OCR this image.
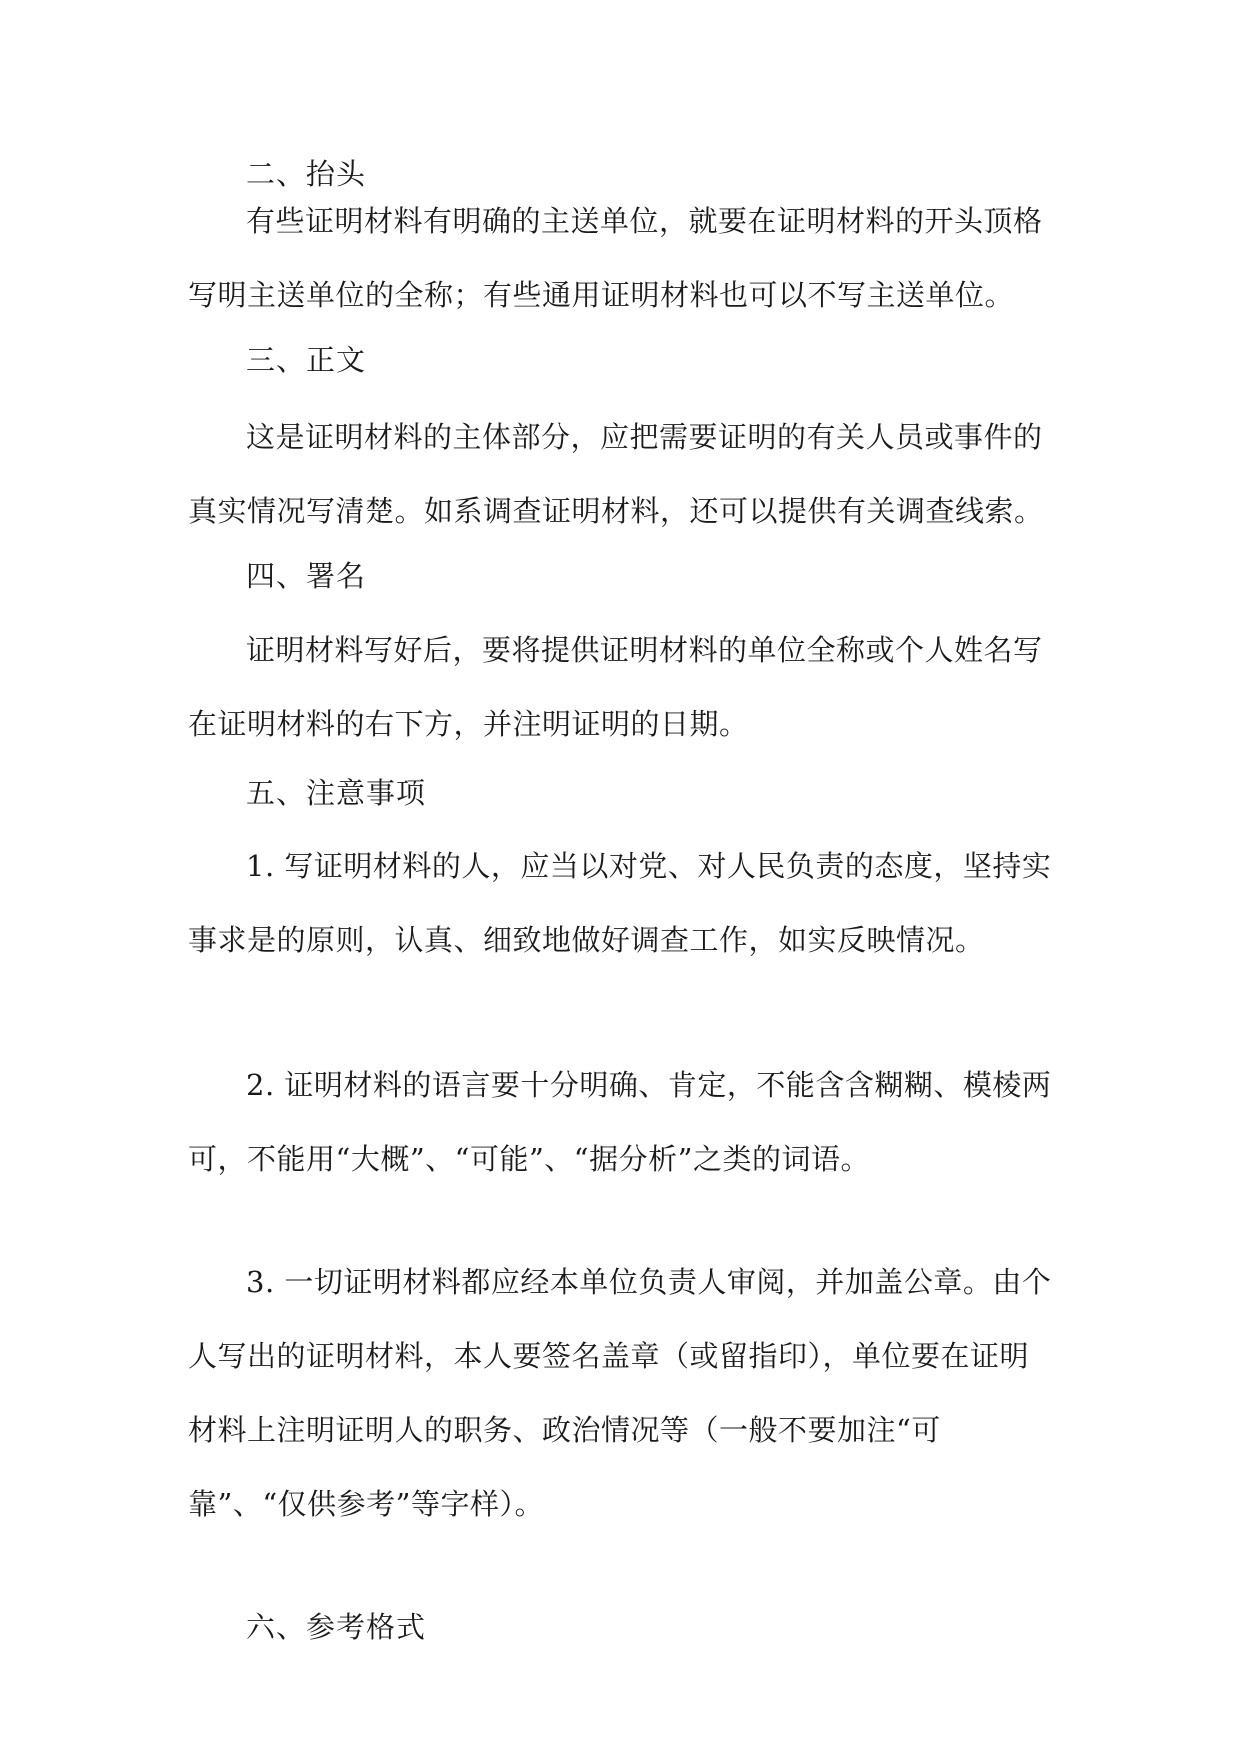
二、抬头

有些证明材料有明确的主送单位，就要在证明材料的开头顶格写明主送单位的全称；有些通用证明材料也可以不写主送单位。

三、正文

这是证明材料的主体部分，应把需要证明的有关人员或事件的真实情况写清楚。如系调查证明材料，还可以提供有关调查线索。

四、署名

证明材料写好后，要将提供证明材料的单位全称或个人姓名写在证明材料的右下方，并注明证明的日期。

五、注意事项

1. 写证明材料的人，应当以对党、对人民负责的态度，坚持实事求是的原则，认真、细致地做好调查工作，如实反映情况。

2. 证明材料的语言要十分明确、肯定，不能含含糊糊、模棱两可，不能用“大概”、“可能”、“据分析”之类的词语。

3. 一切证明材料都应经本单位负责人审阅，并加盖公章。由个人写出的证明材料，本人要签名盖章（或留指印），单位要在证明材料上注明证明人的职务、政治情况等（一般不要加注“可靠”、“仅供参考”等字样）。

六、参考格式
